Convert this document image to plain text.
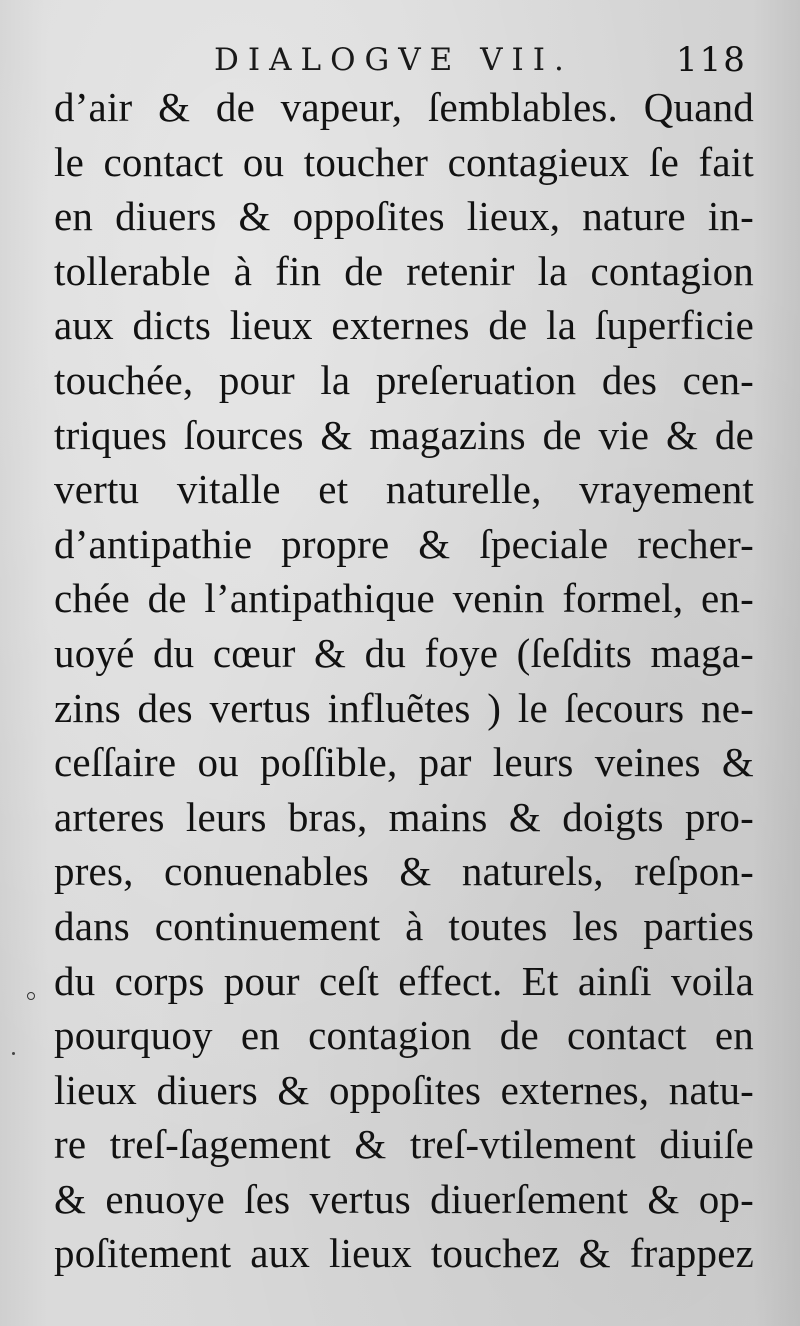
DIALOGVE VII.	118
d’air & de vapeur, ſemblables. Quand
le contact ou toucher contagieux ſe fait
en diuers & oppoſites lieux, nature in-
tollerable à fin de retenir la contagion
aux dicts lieux externes de la ſuperficie
touchée, pour la preſeruation des cen-
triques ſources & magazins de vie & de
vertu vitalle et naturelle, vrayement
d’antipathie propre & ſpeciale recher-
chée de l’antipathique venin formel, en-
uoyé du cœur & du foye (ſeſdits maga-
zins des vertus influẽtes ) le ſecours ne-
ceſſaire ou poſſible, par leurs veines &
arteres leurs bras, mains & doigts pro-
pres, conuenables & naturels, reſpon-
dans continuement à toutes les parties
du corps pour ceſt effect. Et ainſi voila
pourquoy en contagion de contact en
lieux diuers & oppoſites externes, natu-
re treſ-ſagement & treſ-vtilement diuiſe
& enuoye ſes vertus diuerſement & op-
poſitement aux lieux touchez & frappez
